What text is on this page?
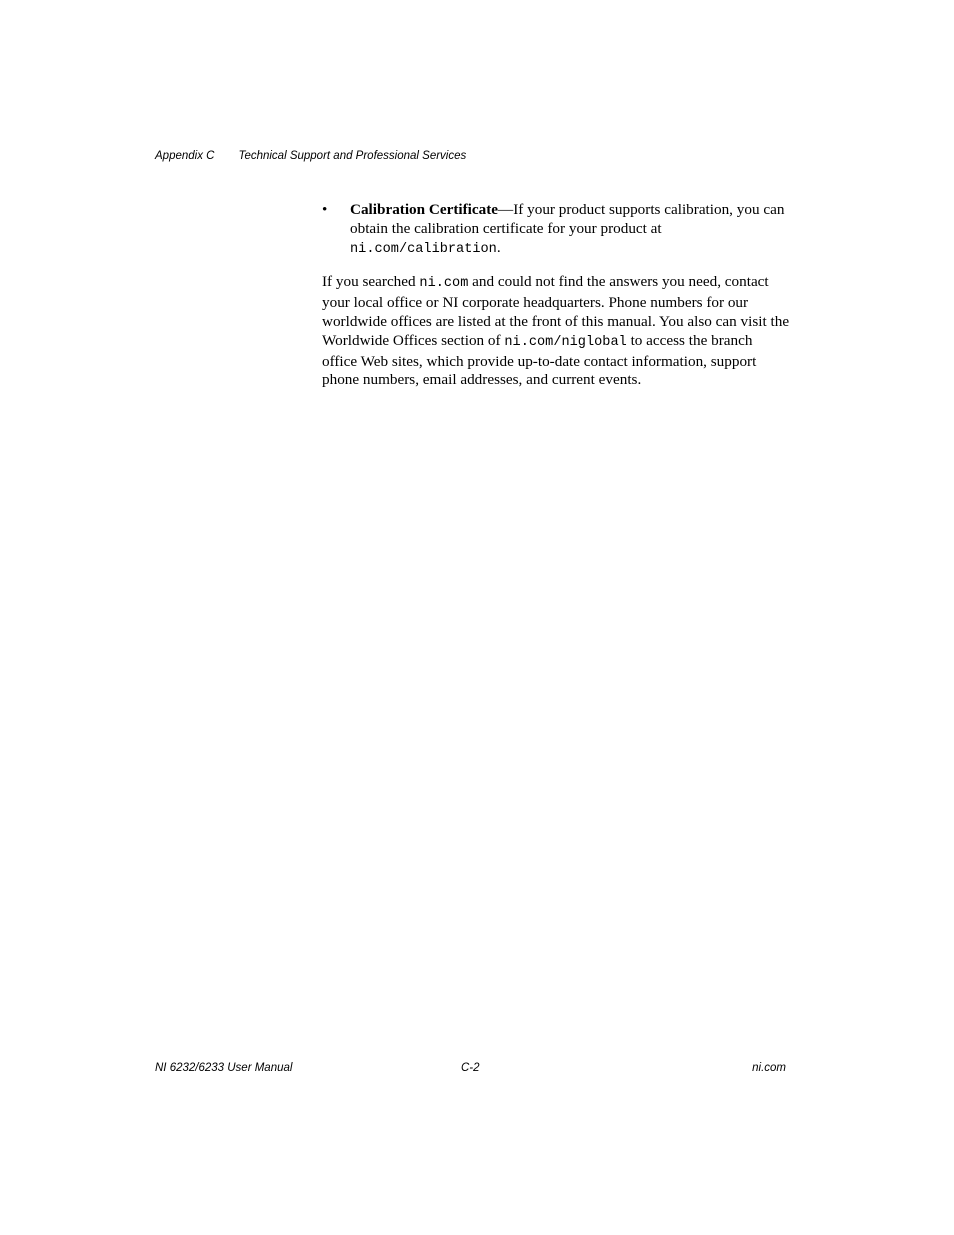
Appendix C Technical Support and Professional Services
• Calibration Certificate—If your product supports calibration, you can obtain the calibration certificate for your product at ni.com/calibration.

If you searched ni.com and could not find the answers you need, contact your local office or NI corporate headquarters. Phone numbers for our worldwide offices are listed at the front of this manual. You also can visit the Worldwide Offices section of ni.com/niglobal to access the branch office Web sites, which provide up-to-date contact information, support phone numbers, email addresses, and current events.

NI 6232/6233 User Manual	C-2	ni.com
